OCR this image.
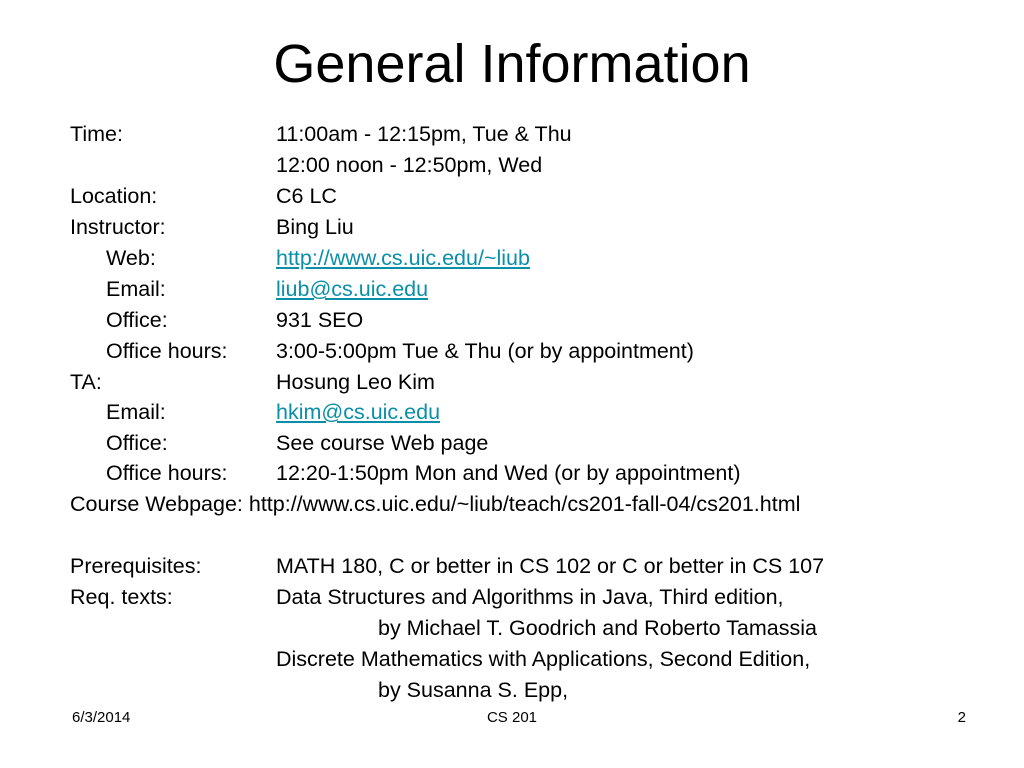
General Information
Time:	11:00am - 12:15pm, Tue & Thu
12:00 noon - 12:50pm, Wed
Location:	C6 LC
Instructor:	Bing Liu
Web:	http://www.cs.uic.edu/~liub
Email:	liub@cs.uic.edu
Office:	931 SEO
Office hours: 3:00-5:00pm Tue & Thu (or by appointment)
TA:	Hosung Leo Kim
Email:	hkim@cs.uic.edu
Office:	See course Web page
Office hours: 12:20-1:50pm Mon and Wed (or by appointment)
Course Webpage: http://www.cs.uic.edu/~liub/teach/cs201-fall-04/cs201.html
Prerequisites:	MATH 180, C or better in CS 102 or C or better in CS 107
Req. texts:	Data Structures and Algorithms in Java, Third edition,
by Michael T. Goodrich and Roberto Tamassia
Discrete Mathematics with Applications, Second Edition,
by Susanna S. Epp,
6/3/2014	CS 201	2
